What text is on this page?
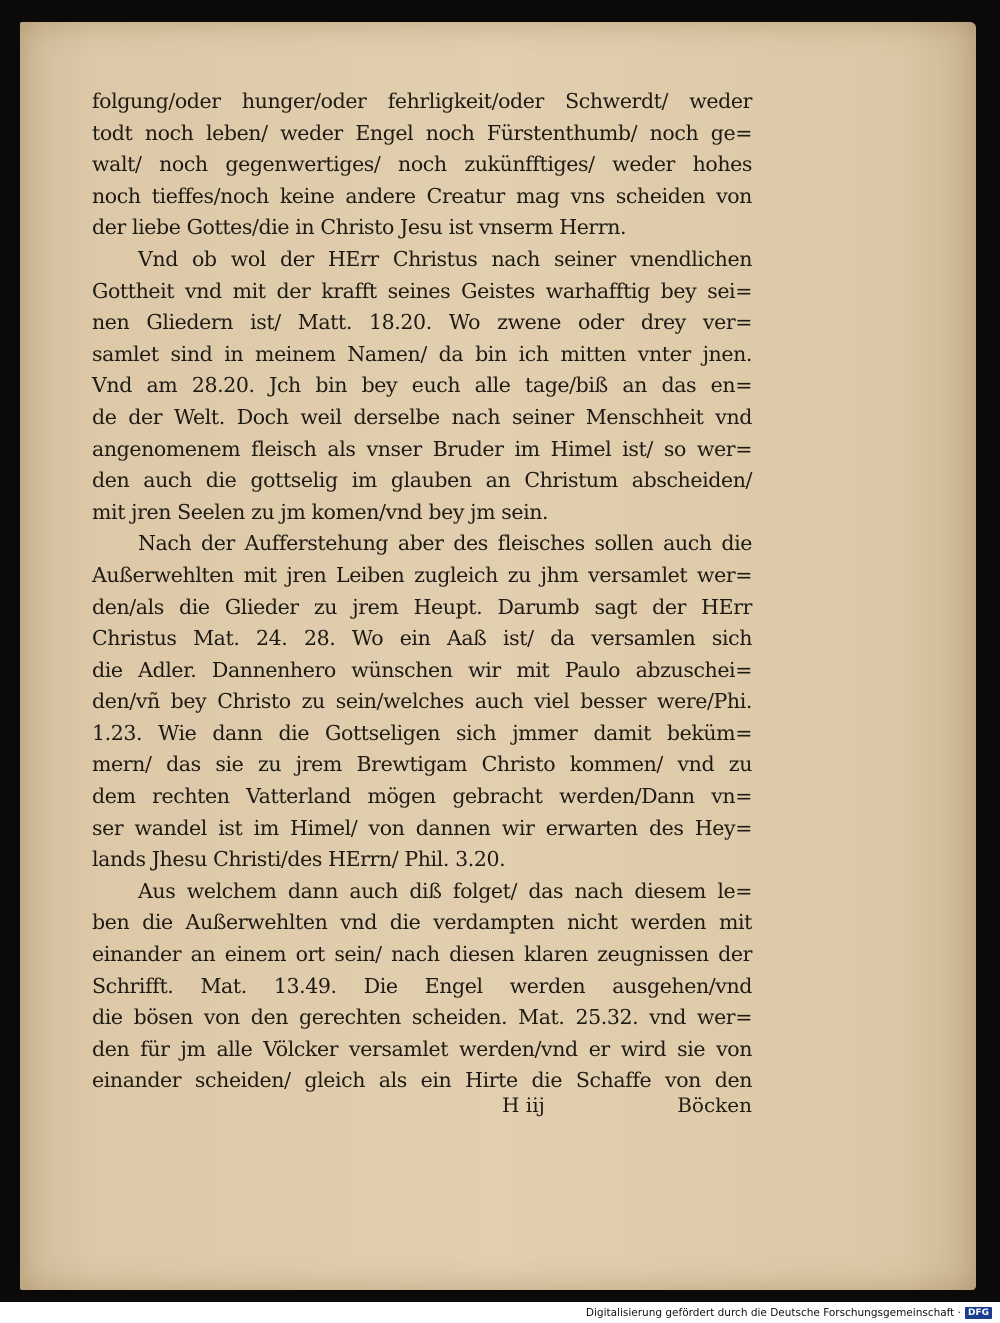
folgung/oder hunger/oder fehrligkeit/oder Schwerdt/ weder
todt noch leben/ weder Engel noch Fürstenthumb/ noch ge=
walt/ noch gegenwertiges/ noch zukünfftiges/ weder hohes
noch tieffes/noch keine andere Creatur mag vns scheiden von
der liebe Gottes/die in Christo Jesu ist vnserm Herrn.
Vnd ob wol der HErr Christus nach seiner vnendlichen
Gottheit vnd mit der krafft seines Geistes warhafftig bey sei=
nen Gliedern ist/ Matt. 18.20. Wo zwene oder drey ver=
samlet sind in meinem Namen/ da bin ich mitten vnter jnen.
Vnd am 28.20. Jch bin bey euch alle tage/biß an das en=
de der Welt. Doch weil derselbe nach seiner Menschheit vnd
angenomenem fleisch als vnser Bruder im Himel ist/ so wer=
den auch die gottselig im glauben an Christum abscheiden/
mit jren Seelen zu jm komen/vnd bey jm sein.
Nach der Aufferstehung aber des fleisches sollen auch die
Außerwehlten mit jren Leiben zugleich zu jhm versamlet wer=
den/als die Glieder zu jrem Heupt. Darumb sagt der HErr
Christus Mat. 24. 28. Wo ein Aaß ist/ da versamlen sich
die Adler. Dannenhero wünschen wir mit Paulo abzuschei=
den/vñ bey Christo zu sein/welches auch viel besser were/Phi.
1.23. Wie dann die Gottseligen sich jmmer damit beküm=
mern/ das sie zu jrem Brewtigam Christo kommen/ vnd zu
dem rechten Vatterland mögen gebracht werden/Dann vn=
ser wandel ist im Himel/ von dannen wir erwarten des Hey=
lands Jhesu Christi/des HErrn/ Phil. 3.20.
Aus welchem dann auch diß folget/ das nach diesem le=
ben die Außerwehlten vnd die verdampten nicht werden mit
einander an einem ort sein/ nach diesen klaren zeugnissen der
Schrifft. Mat. 13.49. Die Engel werden ausgehen/vnd
die bösen von den gerechten scheiden. Mat. 25.32. vnd wer=
den für jm alle Völcker versamlet werden/vnd er wird sie von
einander scheiden/ gleich als ein Hirte die Schaffe von den
H iij	Böcken
Digitalisierung gefördert durch die Deutsche Forschungsgemeinschaft · DFG
